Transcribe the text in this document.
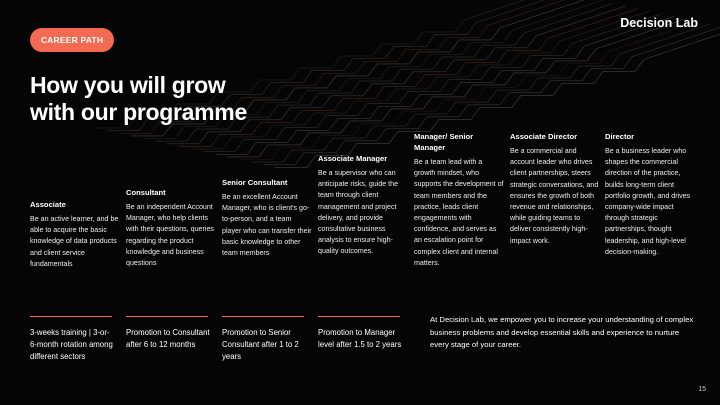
CAREER PATH
Decision Lab
How you will grow
with our programme
Associate
Be an active learner, and be able to acquire the basic knowledge of data products and client service fundamentals
Consultant
Be an independent Account Manager, who help clients with their questions, queries regarding the product knowledge and business questions
Senior Consultant
Be an excellent Account Manager, who is client's go-to-person, and a team player who can transfer their basic knowledge to other team members
Associate Manager
Be a supervisor who can anticipate risks, guide the team through client management and project delivery, and provide consultative business analysis to ensure high-quality outcomes.
Manager/ Senior Manager
Be a team lead with a growth mindset, who supports the development of team members and the practice, leads client engagements with confidence, and serves as an escalation point for complex client and internal matters.
Associate Director
Be a commercial and account leader who drives client partnerships, steers strategic conversations, and ensures the growth of both revenue and relationships, while guiding teams to deliver consistently high-impact work.
Director
Be a business leader who shapes the commercial direction of the practice, builds long-term client portfolio growth, and drives company-wide impact through strategic partnerships, thought leadership, and high-level decision-making.
3-weeks training | 3-or-6-month rotation among different sectors
Promotion to Consultant after 6 to 12 months
Promotion to Senior Consultant after 1 to 2 years
Promotion to Manager level after 1.5 to 2 years
At Decision Lab, we empower you to increase your understanding of complex business problems and develop essential skills and experience to nurture every stage of your career.
15
